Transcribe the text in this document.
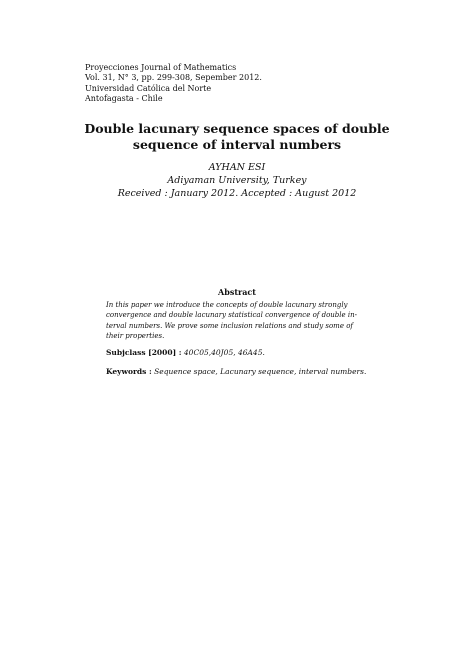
Proyecciones Journal of Mathematics
Vol. 31, N° 3, pp. 299-308, Sepember 2012.
Universidad Católica del Norte
Antofagasta - Chile
Double lacunary sequence spaces of double
sequence of interval numbers
AYHAN ESI
Adiyaman University, Turkey
Received : January 2012. Accepted : August 2012
Abstract
In this paper we introduce the concepts of double lacunary strongly
convergence and double lacunary statistical convergence of double in-
terval numbers. We prove some inclusion relations and study some of
their properties.
Subjclass [2000] : 40C05,40J05, 46A45.
Keywords : Sequence space, Lacunary sequence, interval numbers.
